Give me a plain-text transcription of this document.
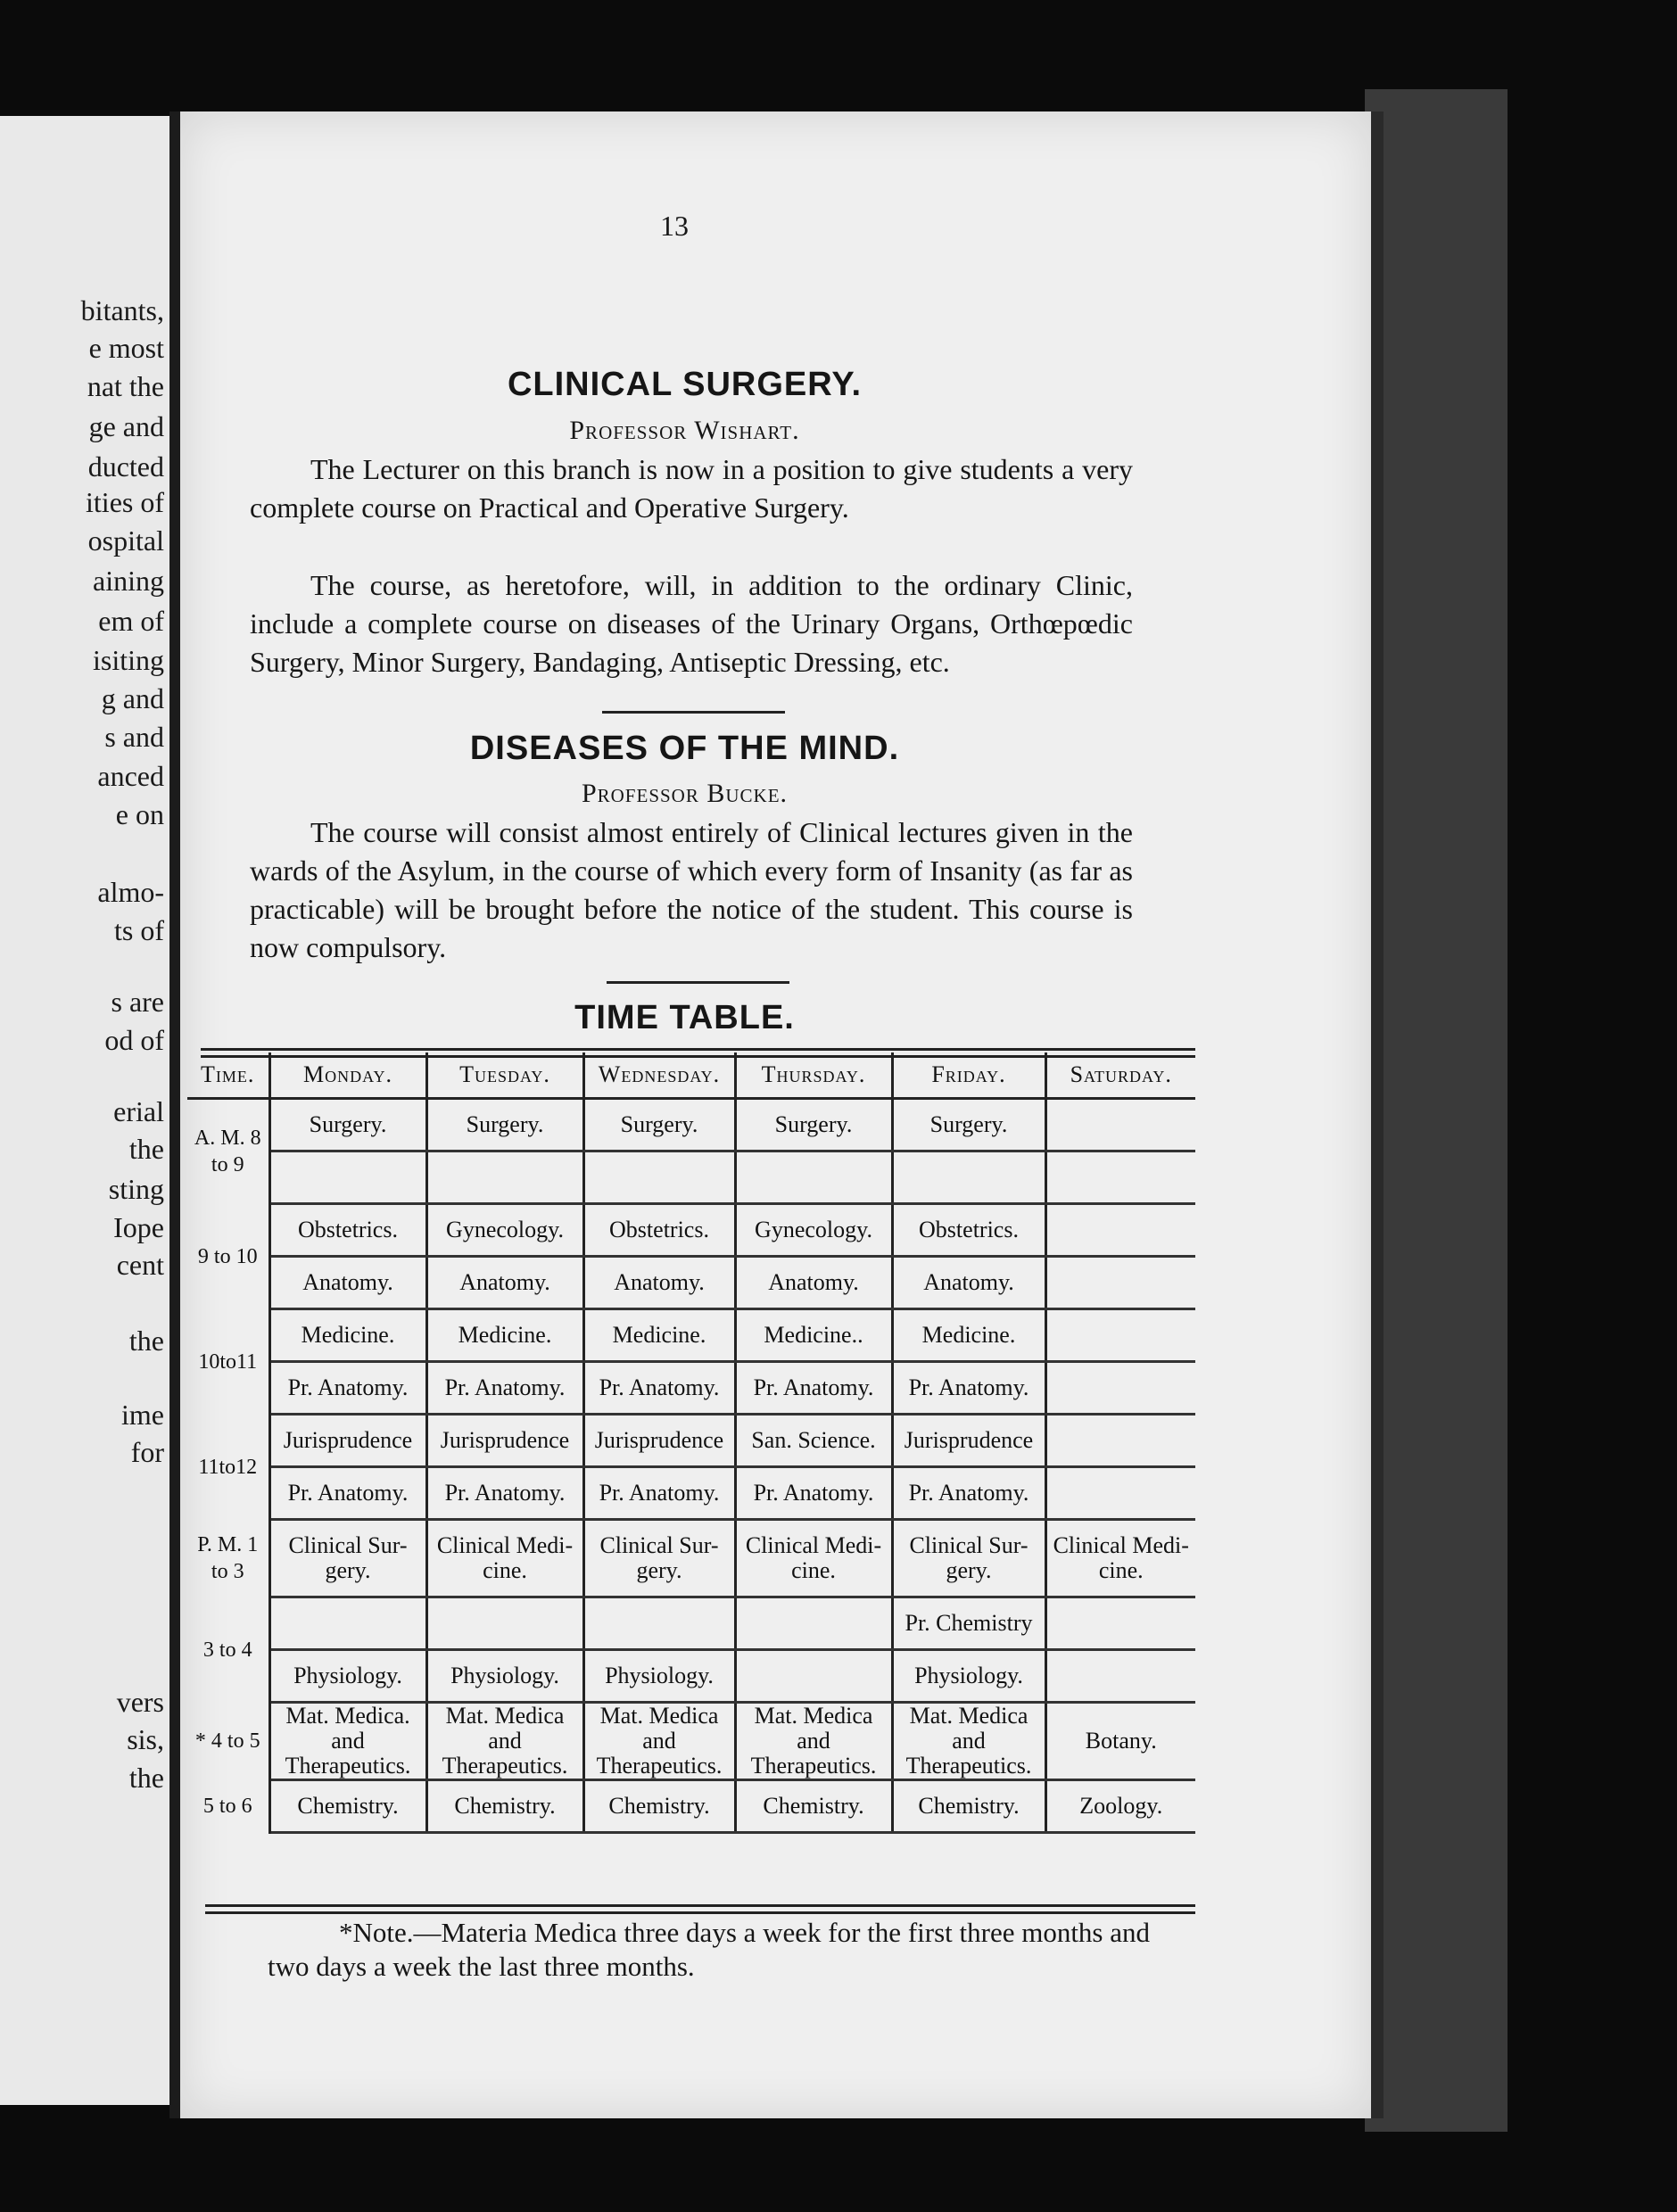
bitants,
e most
nat the
ge and
ducted
ities of
ospital
aining
em of
isiting
g and
s and
anced
e on
almo-
ts of
s are
od of
erial
the
sting
Iope
cent
the
ime
for
vers
sis,
the
13
CLINICAL SURGERY.
Professor Wishart.
The Lecturer on this branch is now in a position to give students a very complete course on Practical and Operative Surgery.
The course, as heretofore, will, in addition to the ordinary Clinic, include a complete course on diseases of the Urinary Organs, Orthœpœdic Surgery, Minor Surgery, Bandaging, Antiseptic Dressing, etc.
DISEASES OF THE MIND.
Professor Bucke.
The course will consist almost entirely of Clinical lectures given in the wards of the Asylum, in the course of which every form of Insanity (as far as practicable) will be brought before the notice of the student. This course is now compulsory.
TIME TABLE.
Time.	Monday.	Tuesday.	Wednesday.	Thursday.	Friday.	Saturday.
A. M. 8 to 9	Surgery.	Surgery.	Surgery.	Surgery.	Surgery.	

9 to 10	Obstetrics.	Gynecology.	Obstetrics.	Gynecology.	Obstetrics.	
	Anatomy.	Anatomy.	Anatomy.	Anatomy.	Anatomy.	
10to11	Medicine.	Medicine.	Medicine.	Medicine..	Medicine.	
	Pr. Anatomy.	Pr. Anatomy.	Pr. Anatomy.	Pr. Anatomy.	Pr. Anatomy.	
11to12	Jurisprudence	Jurisprudence	Jurisprudence	San. Science.	Jurisprudence	
	Pr. Anatomy.	Pr. Anatomy.	Pr. Anatomy.	Pr. Anatomy.	Pr. Anatomy.	
P. M. 1 to 3	Clinical Sur- gery.	Clinical Medi- cine.	Clinical Sur- gery.	Clinical Medi- cine.	Clinical Sur- gery.	Clinical Medi- cine.
3 to 4					Pr. Chemistry	
	Physiology.	Physiology.	Physiology.		Physiology.	
* 4 to 5	Mat. Medica. and Therapeutics.	Mat. Medica and Therapeutics.	Mat. Medica and Therapeutics.	Mat. Medica and Therapeutics.	Mat. Medica and Therapeutics.	Botany.
5 to 6	Chemistry.	Chemistry.	Chemistry.	Chemistry.	Chemistry.	Zoology.
*Note.—Materia Medica three days a week for the first three months and two days a week the last three months.
